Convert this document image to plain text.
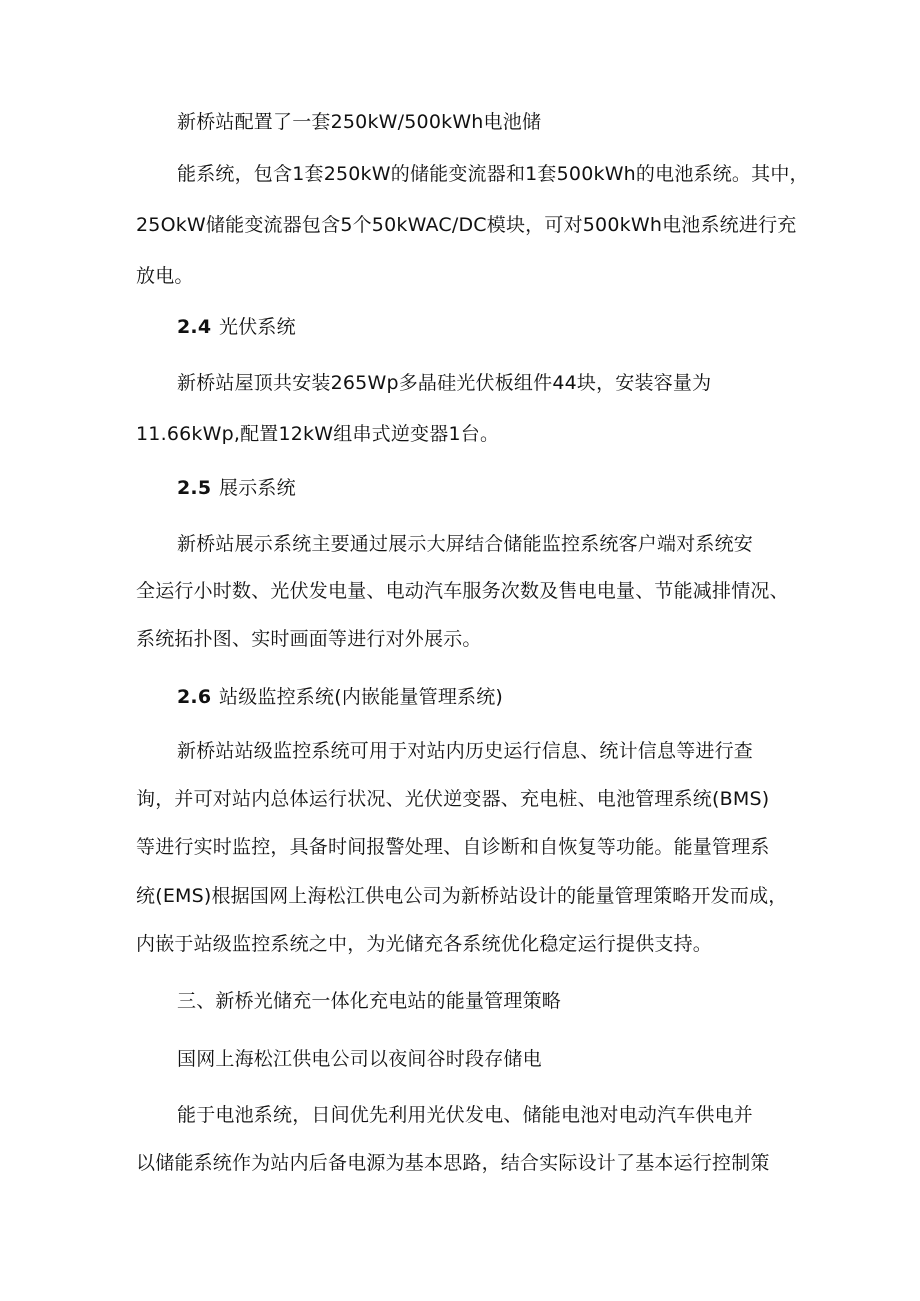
新桥站配置了一套250kW/500kWh电池储
能系统，包含1套250kW的储能变流器和1套500kWh的电池系统。其中，
25OkW储能变流器包含5个50kWAC/DC模块，可对500kWh电池系统进行充
放电。
2.4 光伏系统
新桥站屋顶共安装265Wp多晶硅光伏板组件44块，安装容量为
11.66kWp,配置12kW组串式逆变器1台。
2.5 展示系统
新桥站展示系统主要通过展示大屏结合储能监控系统客户端对系统安
全运行小时数、光伏发电量、电动汽车服务次数及售电电量、节能减排情况、
系统拓扑图、实时画面等进行对外展示。
2.6 站级监控系统(内嵌能量管理系统)
新桥站站级监控系统可用于对站内历史运行信息、统计信息等进行查
询，并可对站内总体运行状况、光伏逆变器、充电桩、电池管理系统(BMS)
等进行实时监控，具备时间报警处理、自诊断和自恢复等功能。能量管理系
统(EMS)根据国网上海松江供电公司为新桥站设计的能量管理策略开发而成，
内嵌于站级监控系统之中，为光储充各系统优化稳定运行提供支持。
三、新桥光储充一体化充电站的能量管理策略
国网上海松江供电公司以夜间谷时段存储电
能于电池系统，日间优先利用光伏发电、储能电池对电动汽车供电并
以储能系统作为站内后备电源为基本思路，结合实际设计了基本运行控制策
